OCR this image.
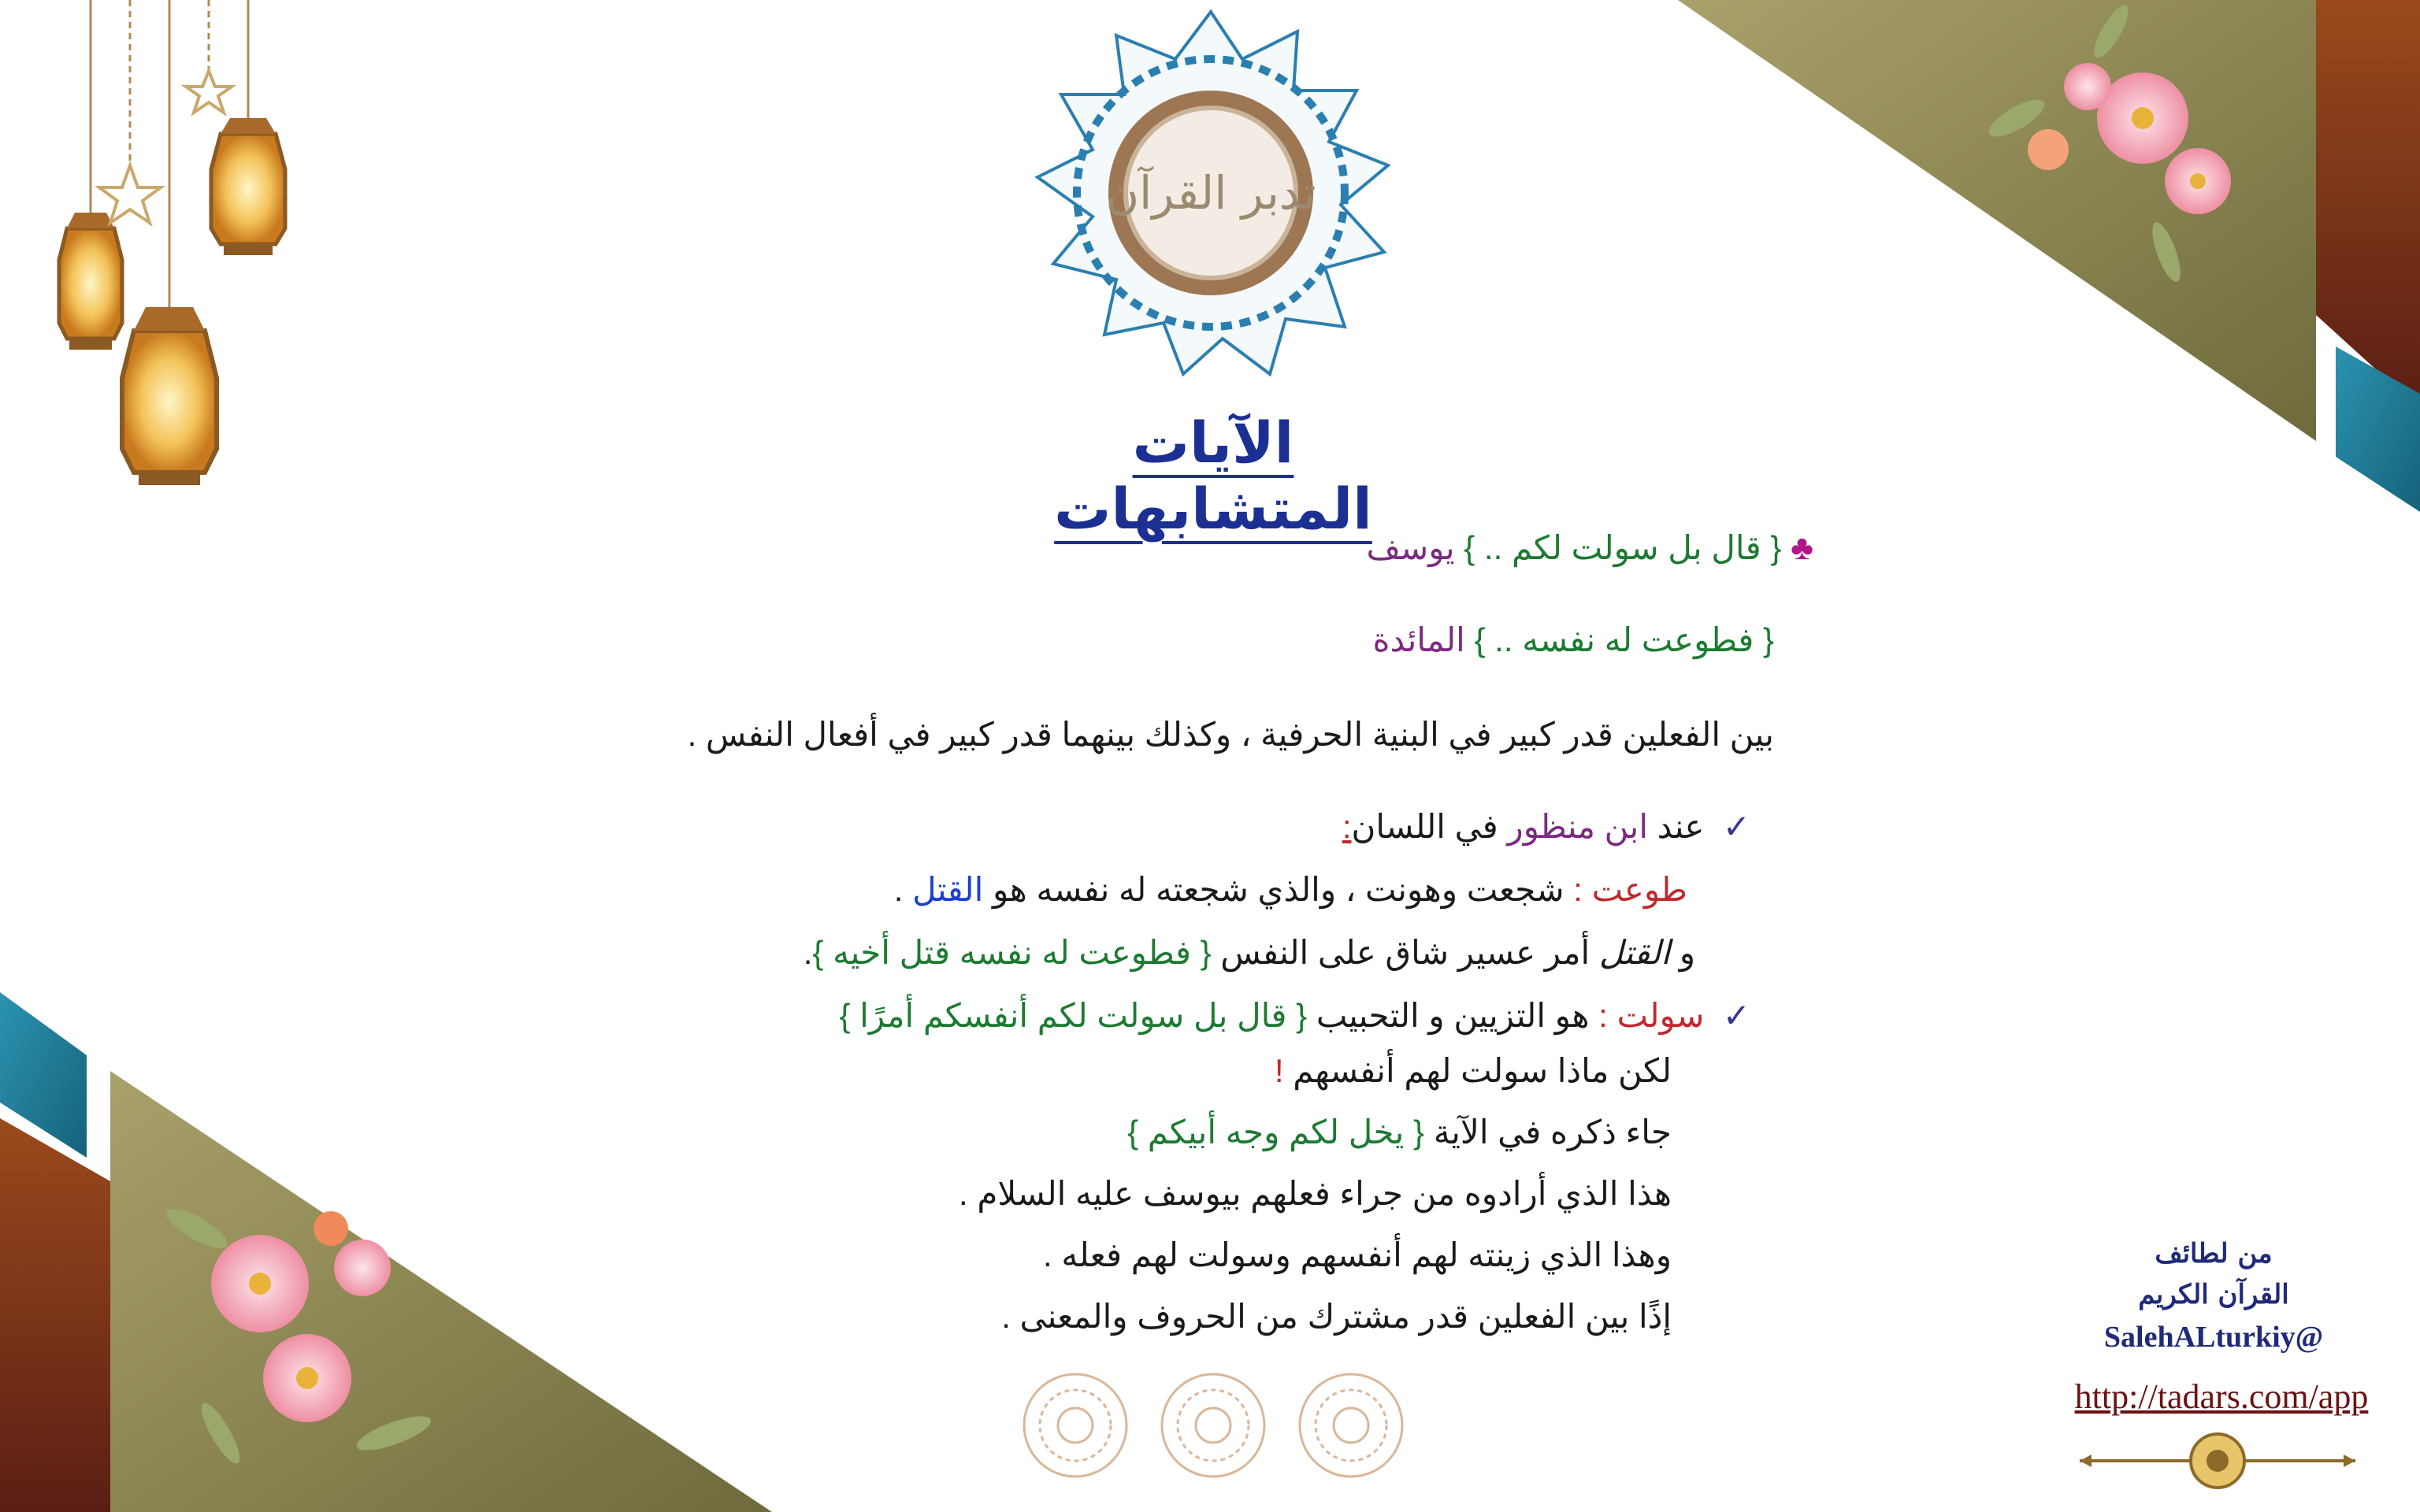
تدبر القرآن
الآيات المتشابهات
♣ { قال بل سولت لكم .. } يوسف
{ فطوعت له نفسه .. } المائدة
بين الفعلين قدر كبير في البنية الحرفية ، وكذلك بينهما قدر كبير في أفعال النفس .
✓  عند ابن منظور في اللسان:
طوعت : شجعت وهونت ، والذي شجعته له نفسه هو القتل .
و القتل أمر عسير شاق على النفس { فطوعت له نفسه قتل أخيه }.
✓  سولت : هو التزيين و التحبيب { قال بل سولت لكم أنفسكم أمرًا }
لكن ماذا سولت لهم أنفسهم !
جاء ذكره في الآية { يخل لكم وجه أبيكم }
هذا الذي أرادوه من جراء فعلهم بيوسف عليه السلام .
وهذا الذي زينته لهم أنفسهم وسولت لهم فعله .
إذًا بين الفعلين قدر مشترك من الحروف والمعنى .
من لطائف
القرآن الكريم
@SalehALturkiy
http://tadars.com/app
